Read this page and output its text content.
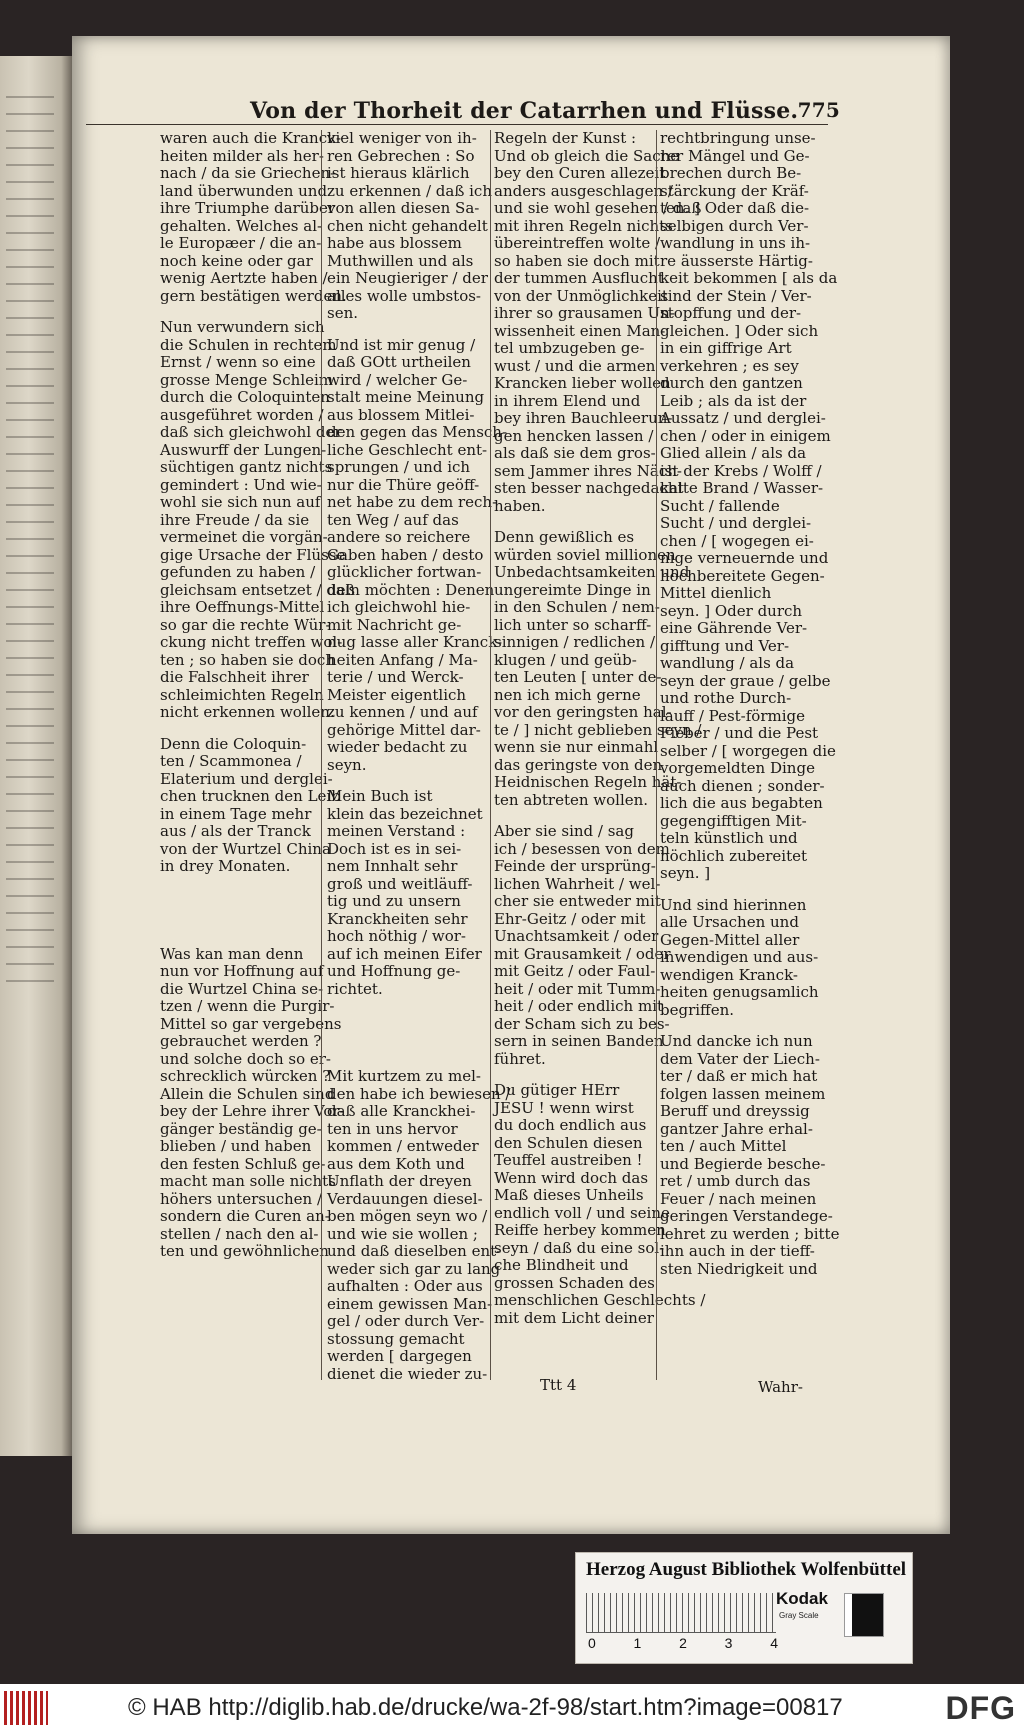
Von der Thorheit der Catarrhen und Flüsse. 775
waren auch die Kranck-
heiten milder als her-
nach / da sie Griechen-
land überwunden und
ihre Triumphe darüber
gehalten. Welches al-
le Europæer / die an-
noch keine oder gar
wenig Aertzte haben /
gern bestätigen werden.
Nun verwundern sich
die Schulen in rechtem
Ernst / wenn so eine
grosse Menge Schleim
durch die Coloquinten
ausgeführet worden /
daß sich gleichwohl der
Auswurff der Lungen-
süchtigen gantz nichts
gemindert : Und wie-
wohl sie sich nun auf
ihre Freude / da sie
vermeinet die vorgän-
gige Ursache der Flüsse
gefunden zu haben /
gleichsam entsetzet / daß
ihre Oeffnungs-Mittel
so gar die rechte Wür-
ckung nicht treffen wol-
ten ; so haben sie doch
die Falschheit ihrer
schleimichten Regeln
nicht erkennen wollen.
Denn die Coloquin-
ten / Scammonea /
Elaterium und derglei-
chen trucknen den Leib
in einem Tage mehr
aus / als der Tranck
von der Wurtzel China
in drey Monaten.
Was kan man denn
nun vor Hoffnung auf
die Wurtzel China se-
tzen / wenn die Purgir-
Mittel so gar vergebens
gebrauchet werden ?
und solche doch so er-
schrecklich würcken ?
Allein die Schulen sind
bey der Lehre ihrer Vor-
gänger beständig ge-
blieben / und haben
den festen Schluß ge-
macht man solle nichts
höhers untersuchen /
sondern die Curen an-
stellen / nach den al-
ten und gewöhnlichen
viel weniger von ih-
ren Gebrechen : So
ist hieraus klärlich
zu erkennen / daß ich
von allen diesen Sa-
chen nicht gehandelt
habe aus blossem
Muthwillen und als
ein Neugieriger / der
alles wolle umbstos-
sen.
Und ist mir genug /
daß GOtt urtheilen
wird / welcher Ge-
stalt meine Meinung
aus blossem Mitlei-
den gegen das Mensch-
liche Geschlecht ent-
sprungen / und ich
nur die Thüre geöff-
net habe zu dem rech-
ten Weg / auf das
andere so reichere
Gaben haben / desto
glücklicher fortwan-
deln möchten : Denen
ich gleichwohl hie-
mit Nachricht ge-
nug lasse aller Kranck-
heiten Anfang / Ma-
terie / und Werck-
Meister eigentlich
zu kennen / und auf
gehörige Mittel dar-
wieder bedacht zu
seyn.
Mein Buch ist
klein das bezeichnet
meinen Verstand :
Doch ist es in sei-
nem Innhalt sehr
groß und weitläuff-
tig und zu unsern
Kranckheiten sehr
hoch nöthig / wor-
auf ich meinen Eifer
und Hoffnung ge-
richtet.
Mit kurtzem zu mel-
den habe ich bewiesen /
daß alle Kranckhei-
ten in uns hervor
kommen / entweder
aus dem Koth und
Unflath der dreyen
Verdauungen diesel-
ben mögen seyn wo /
und wie sie wollen ;
und daß dieselben ent-
weder sich gar zu lang
aufhalten : Oder aus
einem gewissen Man-
gel / oder durch Ver-
stossung gemacht
werden [ dargegen
dienet die wieder zu-
Regeln der Kunst :
Und ob gleich die Sache
bey den Curen allezeit
anders ausgeschlagen /
und sie wohl gesehen / daß
mit ihren Regeln nichts
übereintreffen wolte /
so haben sie doch mit
der tummen Ausflucht
von der Unmöglichkeit
ihrer so grausamen Un-
wissenheit einen Man-
tel umbzugeben ge-
wust / und die armen
Krancken lieber wollen
in ihrem Elend und
bey ihren Bauchleerun-
gen hencken lassen /
als daß sie dem gros-
sem Jammer ihres Näch-
sten besser nachgedacht
haben.
Denn gewißlich es
würden soviel millionen
Unbedachtsamkeiten und
ungereimte Dinge in
in den Schulen / nem-
lich unter so scharff-
sinnigen / redlichen /
klugen / und geüb-
ten Leuten [ unter de-
nen ich mich gerne
vor den geringsten hal-
te / ] nicht geblieben seyn /
wenn sie nur einmahl
das geringste von den
Heidnischen Regeln hät-
ten abtreten wollen.
Aber sie sind / sag
ich / besessen von dem
Feinde der ursprüng-
lichen Wahrheit / wel-
cher sie entweder mit
Ehr-Geitz / oder mit
Unachtsamkeit / oder
mit Grausamkeit / oder
mit Geitz / oder Faul-
heit / oder mit Tumm-
heit / oder endlich mit
der Scham sich zu bes-
sern in seinen Banden
führet.
Du gütiger HErr
JESU ! wenn wirst
du doch endlich aus
den Schulen diesen
Teuffel austreiben !
Wenn wird doch das
Maß dieses Unheils
endlich voll / und seine
Reiffe herbey kommen
seyn / daß du eine sol-
che Blindheit und
grossen Schaden des
menschlichen Geschlechts /
mit dem Licht deiner
rechtbringung unse-
rer Mängel und Ge-
brechen durch Be-
stärckung der Kräf-
ten. ] Oder daß die-
selbigen durch Ver-
wandlung in uns ih-
re äusserste Härtig-
keit bekommen [ als da
sind der Stein / Ver-
stopffung und der-
gleichen. ] Oder sich
in ein giffrige Art
verkehren ; es sey
durch den gantzen
Leib ; als da ist der
Aussatz / und derglei-
chen / oder in einigem
Glied allein / als da
ist der Krebs / Wolff /
kalte Brand / Wasser-
Sucht / fallende
Sucht / und derglei-
chen / [ wogegen ei-
nige verneuernde und
hochbereitete Gegen-
Mittel dienlich
seyn. ] Oder durch
eine Gährende Ver-
gifftung und Ver-
wandlung / als da
seyn der graue / gelbe
und rothe Durch-
lauff / Pest-förmige
Fieber / und die Pest
selber / [ worgegen die
vorgemeldten Dinge
auch dienen ; sonder-
lich die aus begabten
gegengifftigen Mit-
teln künstlich und
höchlich zubereitet
seyn. ]
Und sind hierinnen
alle Ursachen und
Gegen-Mittel aller
inwendigen und aus-
wendigen Kranck-
heiten genugsamlich
begriffen.
Und dancke ich nun
dem Vater der Liech-
ter / daß er mich hat
folgen lassen meinem
Beruff und dreyssig
gantzer Jahre erhal-
ten / auch Mittel
und Begierde besche-
ret / umb durch das
Feuer / nach meinen
geringen Verstandege-
lehret zu werden ; bitte
ihn auch in der tieff-
sten Niedrigkeit und
Ttt 4	Wahr-
Herzog August Bibliothek Wolfenbüttel
0	1	2	3	4
Kodak
Gray Scale
© HAB http://diglib.hab.de/drucke/wa-2f-98/start.htm?image=00817	DFG
